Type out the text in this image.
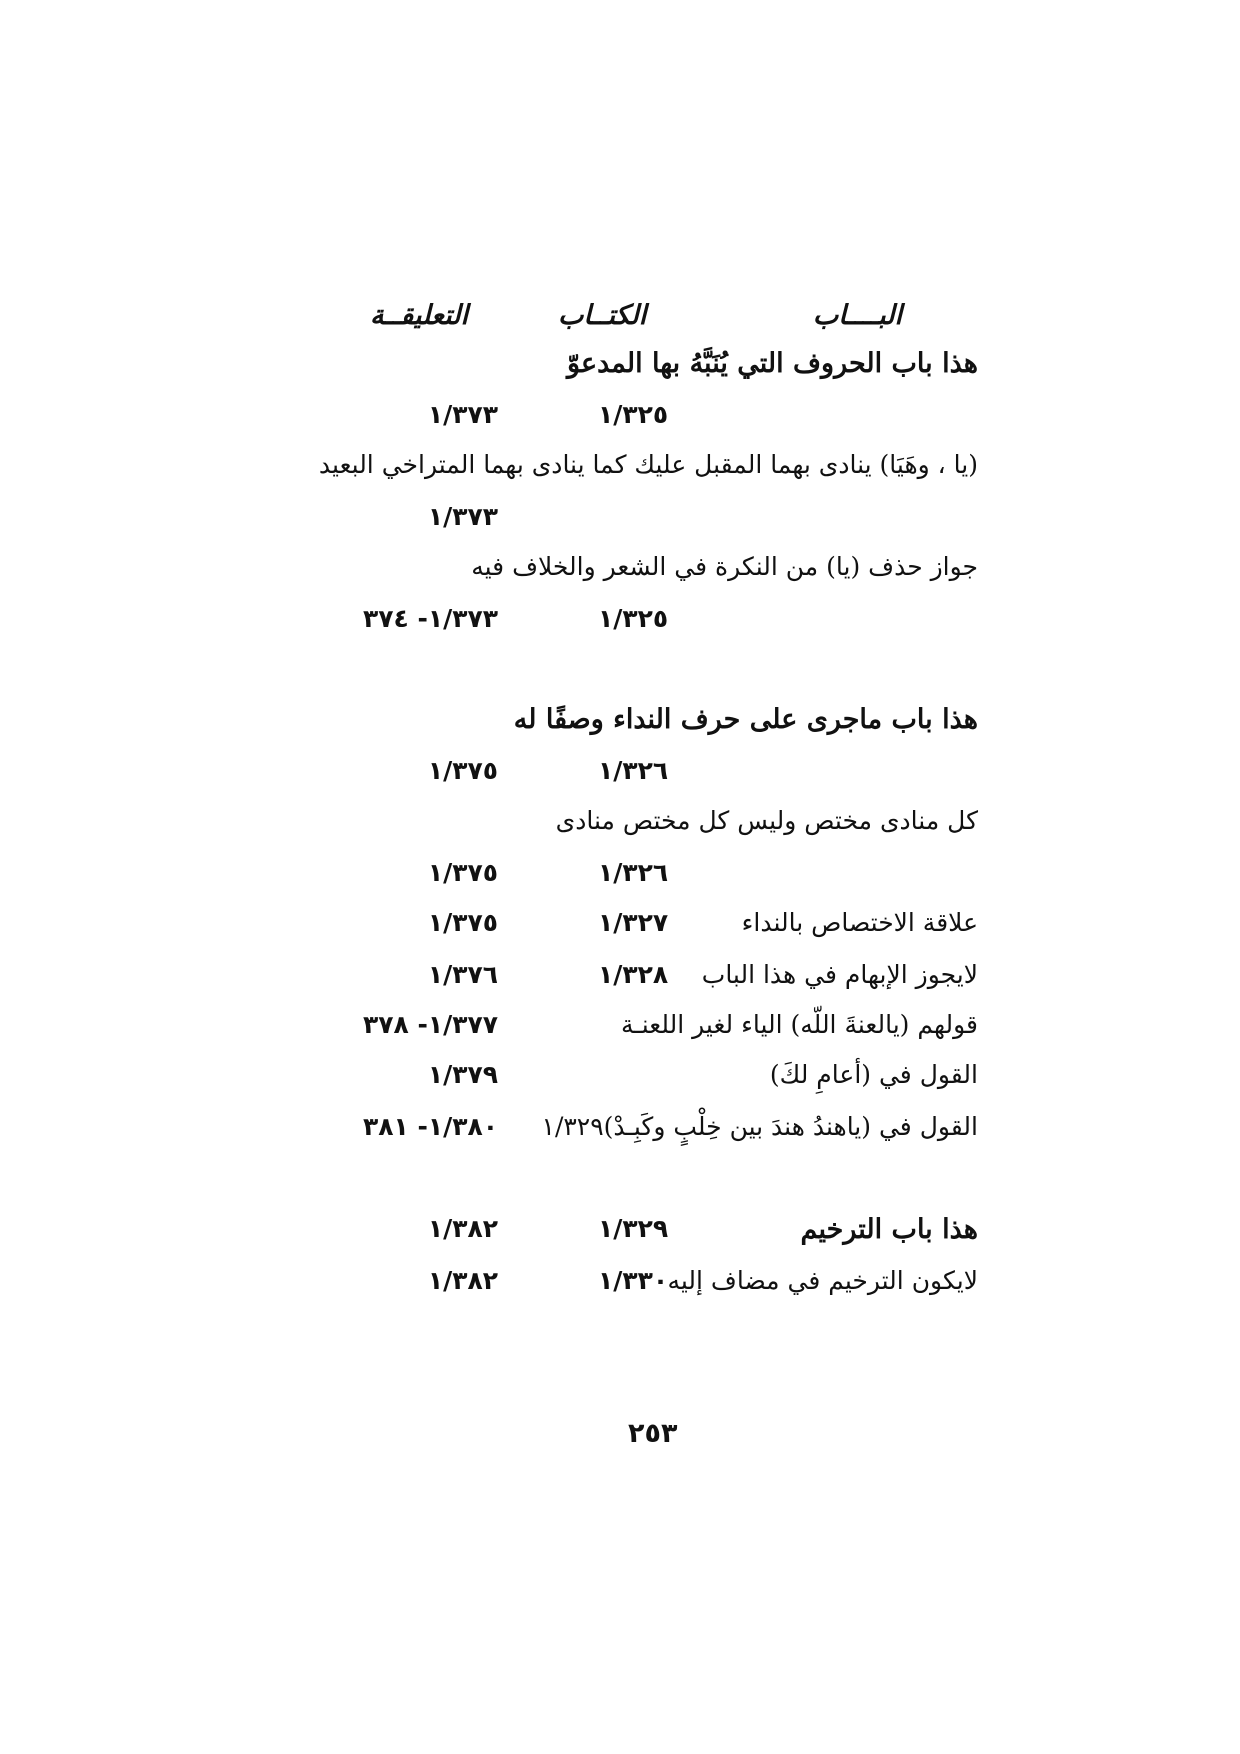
البــــاب
الكتــاب
التعليقــة
هذا باب الحروف التي يُنَبَّهُ بها المدعوّ
١/٣٢٥
١/٣٧٣
(يا ، وهَيَا) ينادى بهما المقبل عليك كما ينادى بهما المتراخي البعيد
١/٣٧٣
جواز حذف (يا) من النكرة في الشعر والخلاف فيه
١/٣٢٥
١/٣٧٣- ٣٧٤
هذا باب ماجرى على حرف النداء وصفًا له
١/٣٢٦
١/٣٧٥
كل منادى مختص وليس كل مختص منادى
١/٣٢٦
١/٣٧٥
علاقة الاختصاص بالنداء
١/٣٢٧
١/٣٧٥
لايجوز الإبهام في هذا الباب
١/٣٢٨
١/٣٧٦
قولهم (يالعنةَ اللّه) الياء لغير اللعنـة
١/٣٧٧- ٣٧٨
القول في (أعامِ لكَ)
١/٣٧٩
القول في (ياهندُ هندَ بين خِلْبٍ وكَبِـدْ)١/٣٢٩
١/٣٨٠- ٣٨١
هذا باب الترخيم
١/٣٢٩
١/٣٨٢
لايكون الترخيم في مضاف إليه
١/٣٣٠
١/٣٨٢
٢٥٣
